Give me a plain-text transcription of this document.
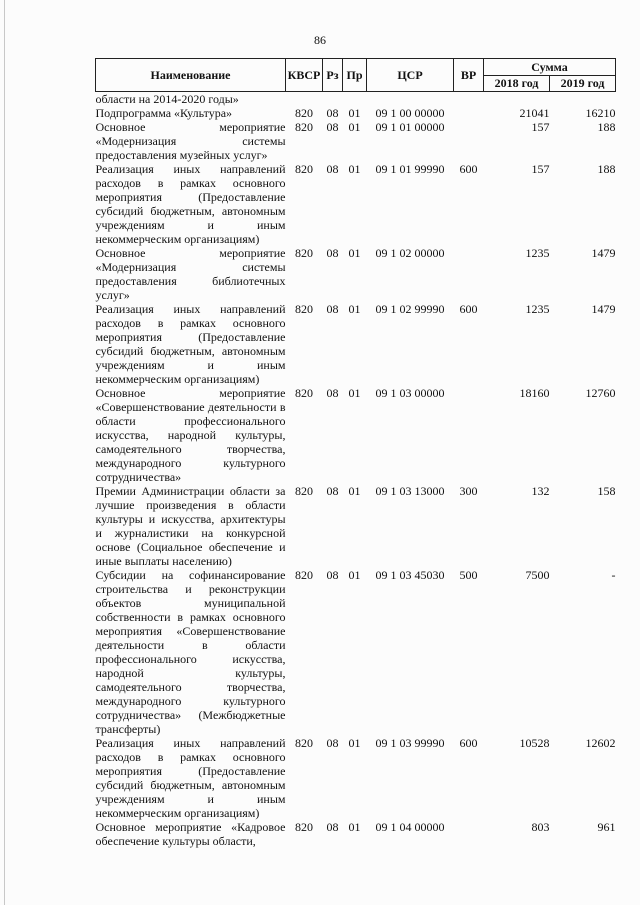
86
Наименование	КВСР	Рз	Пр	ЦСР	ВР	Сумма	
						2018 год	2019 год
области на 2014-2020 годы»							
Подпрограмма «Культура»	820	08	01	09 1 00 00000		21041	16210
Основное мероприятие «Модернизация системы предоставления музейных услуг»	820	08	01	09 1 01 00000		157	188
Реализация иных направлений расходов в рамках основного мероприятия (Предоставление субсидий бюджетным, автономным учреждениям и иным некоммерческим организациям)	820	08	01	09 1 01 99990	600	157	188
Основное мероприятие «Модернизация системы предоставления библиотечных услуг»	820	08	01	09 1 02 00000		1235	1479
Реализация иных направлений расходов в рамках основного мероприятия (Предоставление субсидий бюджетным, автономным учреждениям и иным некоммерческим организациям)	820	08	01	09 1 02 99990	600	1235	1479
Основное мероприятие «Совершенствование деятельности в области профессионального искусства, народной культуры, самодеятельного творчества, международного культурного сотрудничества»	820	08	01	09 1 03 00000		18160	12760
Премии Администрации области за лучшие произведения в области культуры и искусства, архитектуры и журналистики на конкурсной основе (Социальное обеспечение и иные выплаты населению)	820	08	01	09 1 03 13000	300	132	158
Субсидии на софинансирование строительства и реконструкции объектов муниципальной собственности в рамках основного мероприятия «Совершенствование деятельности в области профессионального искусства, народной культуры, самодеятельного творчества, международного культурного сотрудничества» (Межбюджетные трансферты)	820	08	01	09 1 03 45030	500	7500	-
Реализация иных направлений расходов в рамках основного мероприятия (Предоставление субсидий бюджетным, автономным учреждениям и иным некоммерческим организациям)	820	08	01	09 1 03 99990	600	10528	12602
Основное мероприятие «Кадровое обеспечение культуры области,	820	08	01	09 1 04 00000		803	961
